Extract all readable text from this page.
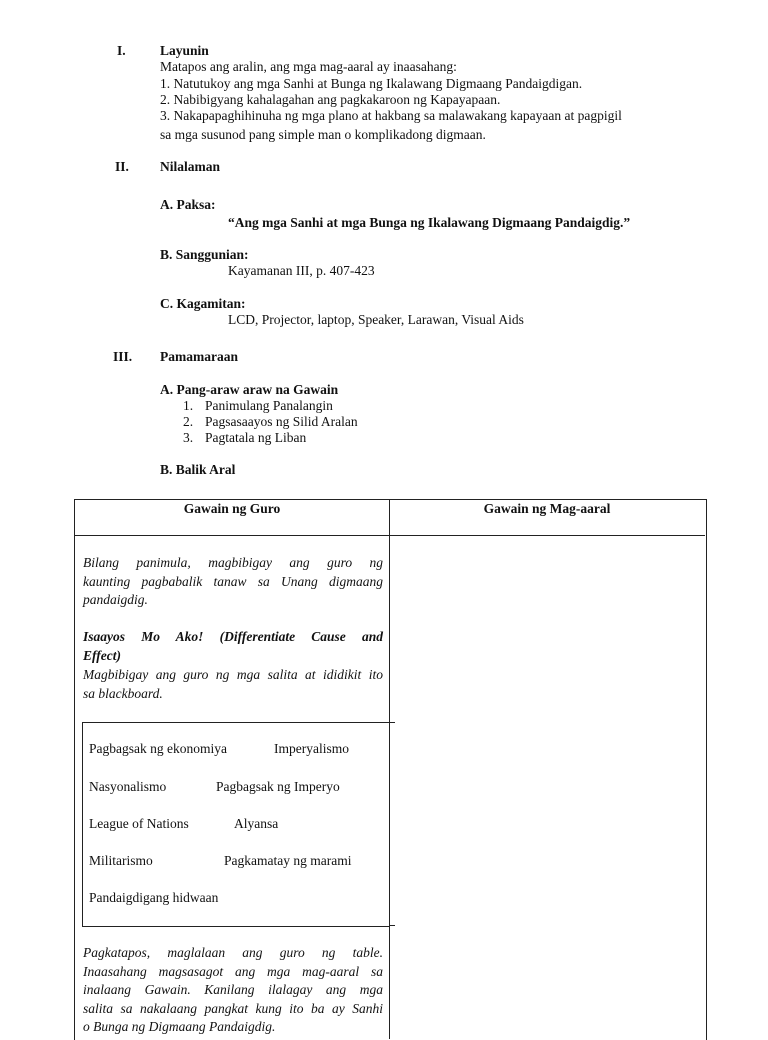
I.	Layunin
Matapos ang aralin, ang mga mag-aaral ay inaasahang:
1. Natutukoy ang mga Sanhi at Bunga ng Ikalawang Digmaang Pandaigdigan.
2. Nabibigyang kahalagahan ang pagkakaroon ng Kapayapaan.
3. Nakapapaghihinuha ng mga plano at hakbang sa malawakang kapayaan at pagpigil
sa mga susunod pang simple man o komplikadong digmaan.
II. Nilalaman
A. Paksa:
“Ang mga Sanhi at mga Bunga ng Ikalawang Digmaang Pandaigdig.”
B. Sanggunian:
Kayamanan III, p. 407-423
C. Kagamitan:
LCD, Projector, laptop, Speaker, Larawan, Visual Aids
III. Pamamaraan
A. Pang-araw araw na Gawain
1. Panimulang Panalangin
2. Pagsasaayos ng Silid Aralan
3. Pagtatala ng Liban
B. Balik Aral
Gawain ng Guro	Gawain ng Mag-aaral
Bilang panimula, magbibigay ang guro ng
kaunting pagbabalik tanaw sa Unang digmaang
pandaigdig.
Isaayos Mo Ako! (Differentiate Cause and
Effect)
Magbibigay ang guro ng mga salita at ididikit ito
sa blackboard.
Pagbagsak ng ekonomiya	Imperyalismo
Nasyonalismo	Pagbagsak ng Imperyo
League of Nations	Alyansa
Militarismo	Pagkamatay ng marami
Pandaigdigang hidwaan
Pagkatapos, maglalaan ang guro ng table.
Inaasahang magsasagot ang mga mag-aaral sa
inalaang Gawain. Kanilang ilalagay ang mga
salita sa nakalaang pangkat kung ito ba ay Sanhi
o Bunga ng Digmaang Pandaigdig.
